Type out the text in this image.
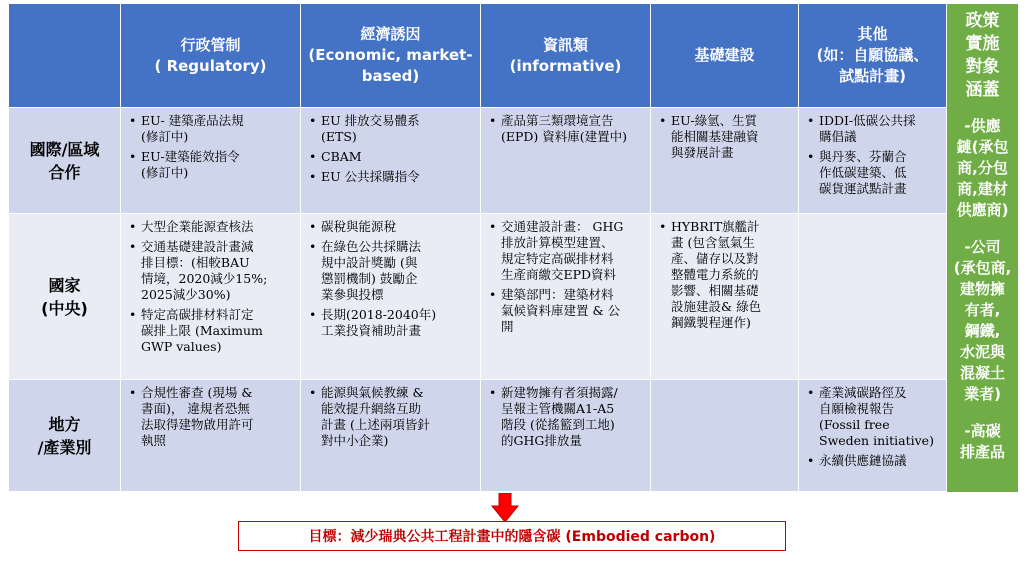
行政管制
( Regulatory)
經濟誘因
(Economic, market-
based)
資訊類
(informative)
基礎建設
其他
(如：自願協議、
試點計畫)
國際/區域
合作
• EU- 建築產品法規
(修訂中)
• EU-建築能效指令
(修訂中)
• EU 排放交易體系
(ETS)
• CBAM
• EU 公共採購指令
• 產品第三類環境宣告
(EPD) 資料庫(建置中)
• EU-綠氫、生質
能相關基建融資
與發展計畫
• IDDI-低碳公共採
購倡議
• 與丹麥、芬蘭合
作低碳建築、低
碳貨運試點計畫
國家
(中央)
• 大型企業能源查核法
• 交通基礎建設計畫減
排目標：(相較BAU
情境，2020減少15%;
2025減少30%)
• 特定高碳排材料訂定
碳排上限 (Maximum
GWP values)
• 碳稅與能源稅
• 在綠色公共採購法
規中設計獎勵 (與
懲罰機制) 鼓勵企
業參與投標
• 長期(2018-2040年)
工業投資補助計畫
• 交通建設計畫： GHG
排放計算模型建置、
規定特定高碳排材料
生產商繳交EPD資料
• 建築部門：建築材料
氣候資料庫建置 & 公
開
• HYBRIT旗艦計
畫 (包含氫氣生
產、儲存以及對
整體電力系統的
影響、相關基礎
設施建設& 綠色
鋼鐵製程運作)
地方
/產業別
• 合規性審查 (現場 &
書面)， 違規者恐無
法取得建物啟用許可
執照
• 能源與氣候教練 &
能效提升網絡互助
計畫 (上述兩項皆針
對中小企業)
• 新建物擁有者須揭露/
呈報主管機關A1-A5
階段 (從搖籃到工地)
的GHG排放量
• 產業減碳路徑及
自願檢視報告
(Fossil free
Sweden initiative)
• 永續供應鏈協議
政策
實施
對象
涵蓋
-供應
鏈(承包
商,分包
商,建材
供應商)
-公司
(承包商,
建物擁
有者,
鋼鐵,
水泥與
混凝土
業者)
-高碳
排產品
目標：減少瑞典公共工程計畫中的隱含碳 (Embodied carbon)
